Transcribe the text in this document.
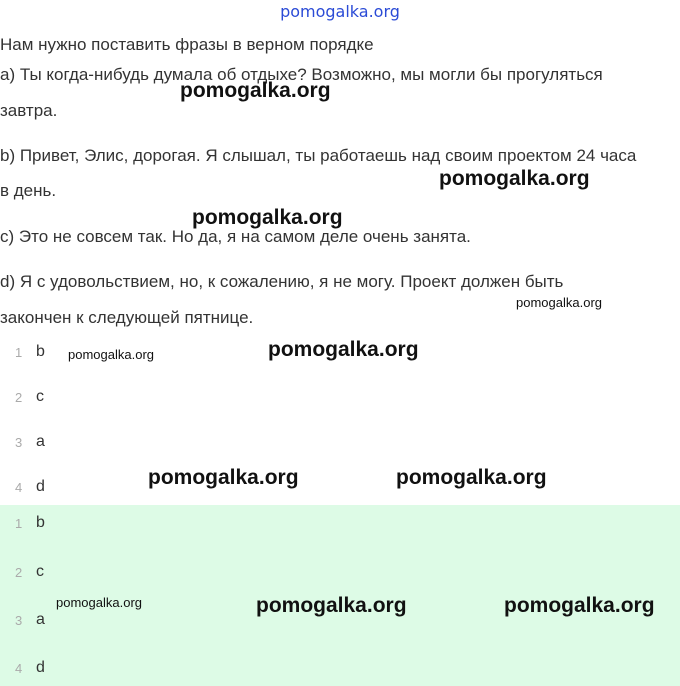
pomogalka.org
Нам нужно поставить фразы в верном порядке
a) Ты когда-нибудь думала об отдыхе? Возможно, мы могли бы прогуляться
завтра.
b) Привет, Элис, дорогая. Я слышал, ты работаешь над своим проектом 24 часа
в день.
c) Это не совсем так. Но да, я на самом деле очень занята.
d) Я с удовольствием, но, к сожалению, я не могу. Проект должен быть
закончен к следующей пятнице.
1 b
2 c
3 a
4 d
1 b
2 c
3 a
4 d
pomogalka.org
pomogalka.org
pomogalka.org
pomogalka.org
pomogalka.org	pomogalka.org
pomogalka.org	pomogalka.org
pomogalka.org	pomogalka.org	pomogalka.org
